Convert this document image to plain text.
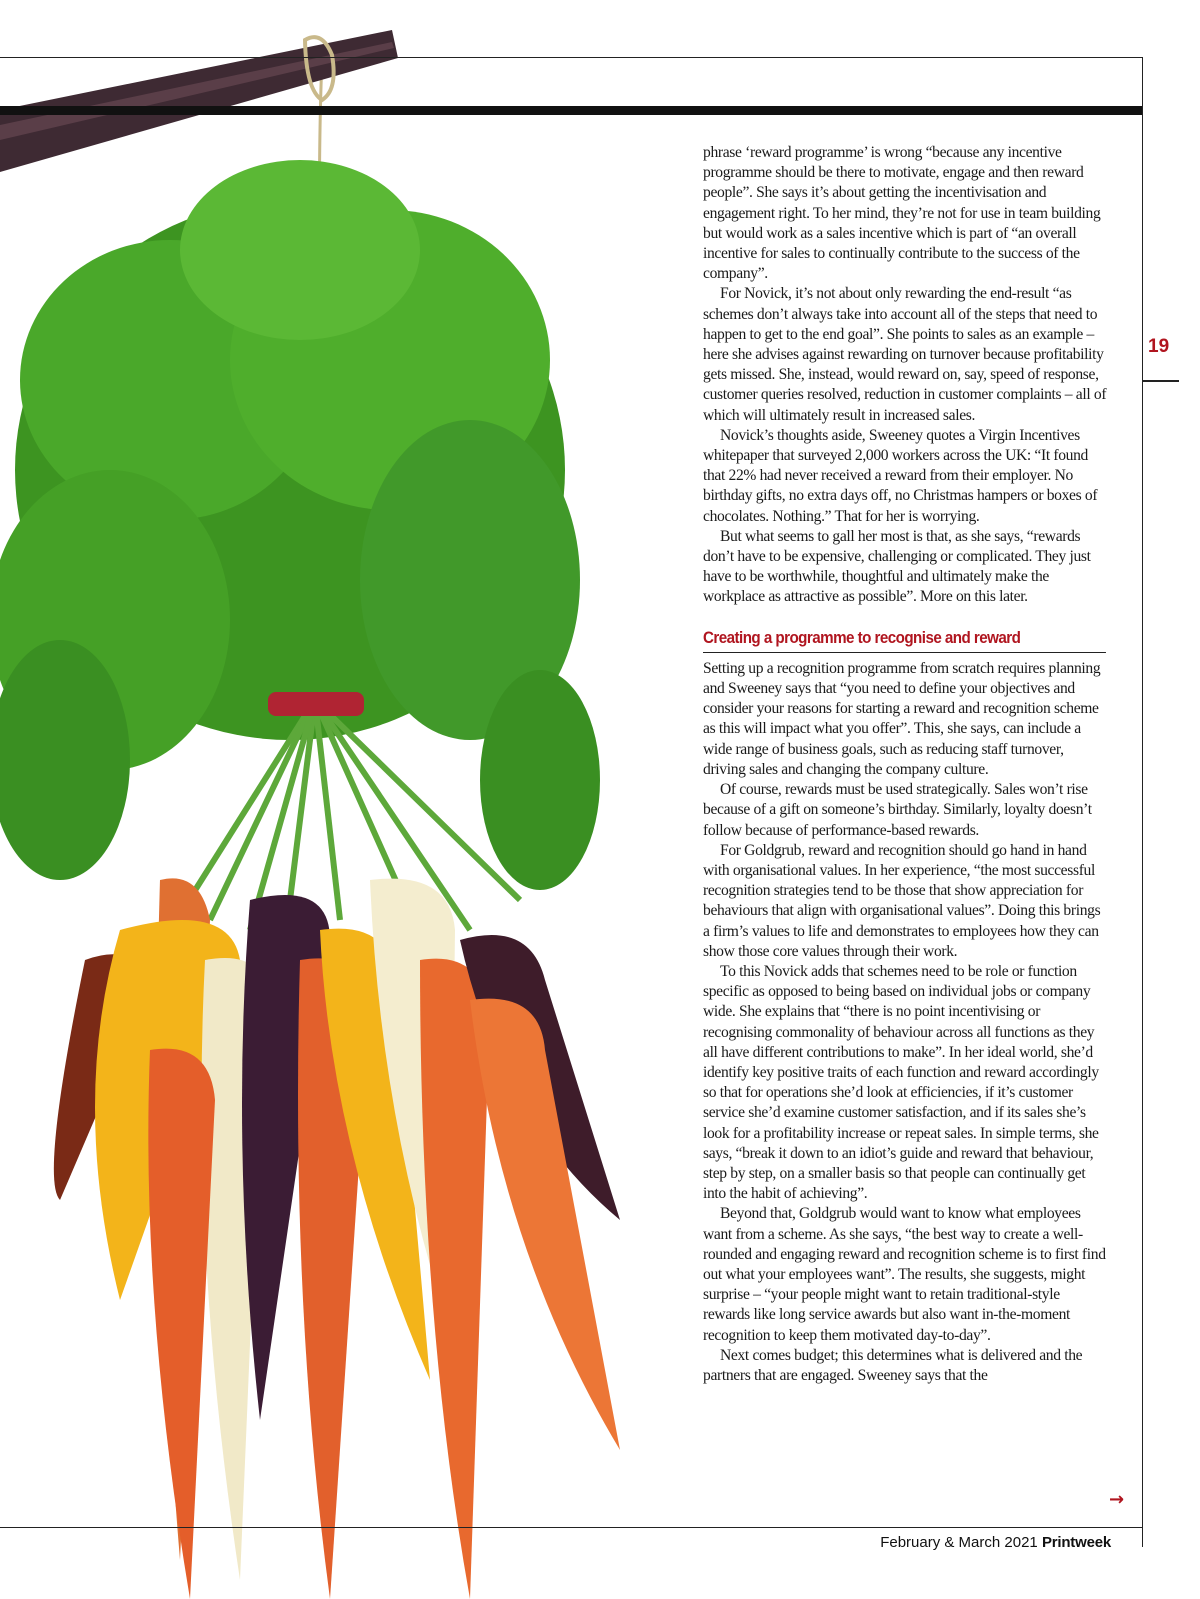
19

phrase ‘reward programme’ is wrong “because any incentive programme should be there to motivate, engage and then reward people”. She says it’s about getting the incentivisation and engagement right. To her mind, they’re not for use in team building but would work as a sales incentive which is part of “an overall incentive for sales to continually contribute to the success of the company”.

For Novick, it’s not about only rewarding the end-result “as schemes don’t always take into account all of the steps that need to happen to get to the end goal”. She points to sales as an example – here she advises against rewarding on turnover because profitability gets missed. She, instead, would reward on, say, speed of response, customer queries resolved, reduction in customer complaints – all of which will ultimately result in increased sales.

Novick’s thoughts aside, Sweeney quotes a Virgin Incentives whitepaper that surveyed 2,000 workers across the UK: “It found that 22% had never received a reward from their employer. No birthday gifts, no extra days off, no Christmas hampers or boxes of chocolates. Nothing.” That for her is worrying.

But what seems to gall her most is that, as she says, “rewards don’t have to be expensive, challenging or complicated. They just have to be worthwhile, thoughtful and ultimately make the workplace as attractive as possible”. More on this later.

Creating a programme to recognise and reward

Setting up a recognition programme from scratch requires planning and Sweeney says that “you need to define your objectives and consider your reasons for starting a reward and recognition scheme as this will impact what you offer”. This, she says, can include a wide range of business goals, such as reducing staff turnover, driving sales and changing the company culture.

Of course, rewards must be used strategically. Sales won’t rise because of a gift on someone’s birthday. Similarly, loyalty doesn’t follow because of performance-based rewards.

For Goldgrub, reward and recognition should go hand in hand with organisational values. In her experience, “the most successful recognition strategies tend to be those that show appreciation for behaviours that align with organisational values”. Doing this brings a firm’s values to life and demonstrates to employees how they can show those core values through their work.

To this Novick adds that schemes need to be role or function specific as opposed to being based on individual jobs or company wide. She explains that “there is no point incentivising or recognising commonality of behaviour across all functions as they all have different contributions to make”. In her ideal world, she’d identify key positive traits of each function and reward accordingly so that for operations she’d look at efficiencies, if it’s customer service she’d examine customer satisfaction, and if its sales she’s look for a profitability increase or repeat sales. In simple terms, she says, “break it down to an idiot’s guide and reward that behaviour, step by step, on a smaller basis so that people can continually get into the habit of achieving”.

Beyond that, Goldgrub would want to know what employees want from a scheme. As she says, “the best way to create a well-rounded and engaging reward and recognition scheme is to first find out what your employees want”. The results, she suggests, might surprise – “your people might want to retain traditional-style rewards like long service awards but also want in-the-moment recognition to keep them motivated day-to-day”.

Next comes budget; this determines what is delivered and the partners that are engaged. Sweeney says that the

→
February & March 2021 Printweek
